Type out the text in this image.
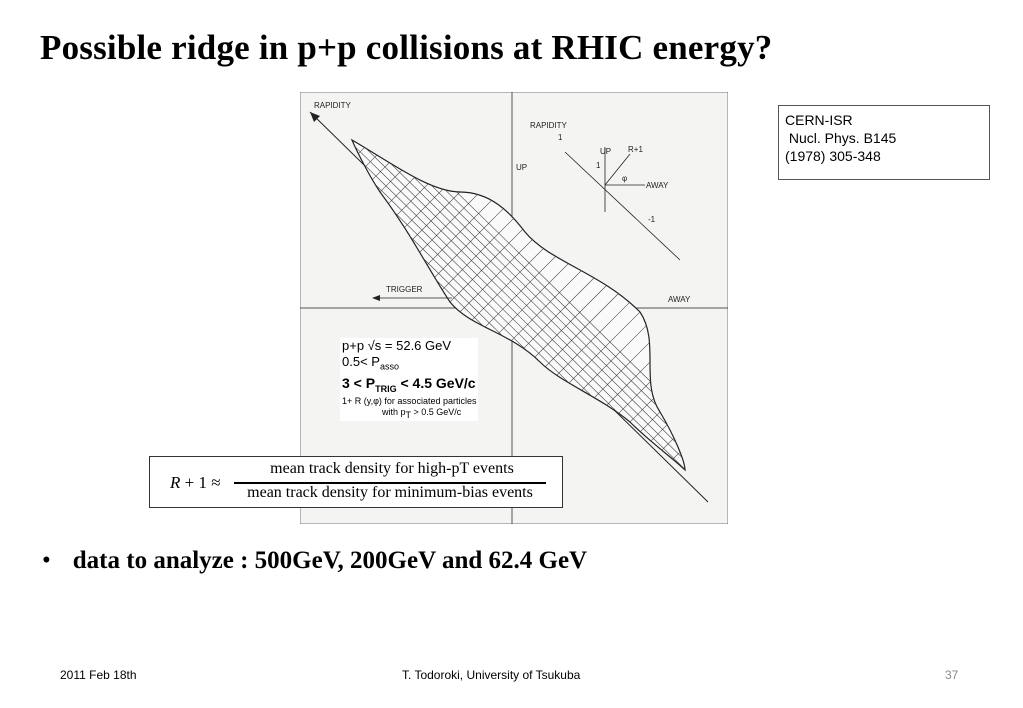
Possible ridge in p+p collisions at RHIC energy?
RAPIDITY
RAPIDITY
1
UP
UP
1
R+1
φ
AWAY
-1
AWAY
TRIGGER
p+p √s = 52.6 GeV
$0.5< P_{asso}$
$3 < P_{TRIG} < 4.5$ GeV/c
1+ R (y,φ) for associated particles
with $p_T > 0.5$ GeV/c
R + 1 ≈
mean track density for high-pT events
mean track density for minimum-bias events
CERN-ISR
Nucl. Phys. B145
(1978) 305-348
• data to analyze : 500GeV, 200GeV and 62.4 GeV
2011 Feb 18th	T. Todoroki, University of Tsukuba	37
